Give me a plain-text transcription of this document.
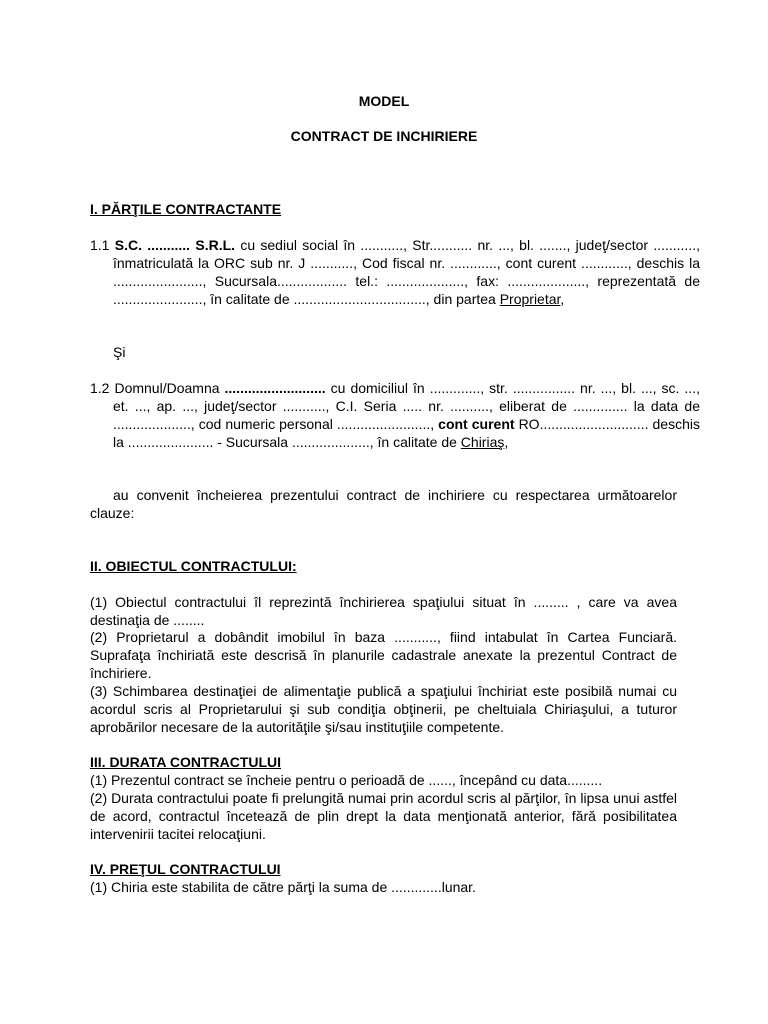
MODEL
CONTRACT DE INCHIRIERE
I. PĂRŢILE CONTRACTANTE
1.1 S.C. ........... S.R.L. cu sediul social în ..........., Str........... nr. ..., bl. ......., judeţ/sector ..........., înmatriculată la ORC sub nr. J ..........., Cod fiscal nr. ............, cont curent ............, deschis la ......................., Sucursala.................. tel.: ...................., fax: ...................., reprezentată de ......................., în calitate de .................................., din partea Proprietar,
Şi
1.2 Domnul/Doamna .......................... cu domiciliul în ............., str. ................ nr. ..., bl. ..., sc. ..., et. ..., ap. ..., judeţ/sector ..........., C.I. Seria ..... nr. .........., eliberat de .............. la data de ...................., cod numeric personal ........................, cont curent RO............................ deschis la ...................... - Sucursala ...................., în calitate de Chiriaş,
au convenit încheierea prezentului contract de inchiriere cu respectarea următoarelor clauze:
II. OBIECTUL CONTRACTULUI:
(1) Obiectul contractului îl reprezintă închirierea spaţiului situat în ......... , care va avea destinaţia de ........
(2) Proprietarul a dobândit imobilul în baza ..........., fiind intabulat în Cartea Funciară. Suprafaţa închiriată este descrisă în planurile cadastrale anexate la prezentul Contract de închiriere.
(3) Schimbarea destinaţiei de alimentaţie publică a spaţiului închiriat este posibilă numai cu acordul scris al Proprietarului şi sub condiţia obţinerii, pe cheltuiala Chiriaşului, a tuturor aprobărilor necesare de la autorităţile şi/sau instituţiile competente.
III. DURATA CONTRACTULUI
(1) Prezentul contract se încheie pentru o perioadă de ......, începând cu data.........
(2) Durata contractului poate fi prelungită numai prin acordul scris al părţilor, în lipsa unui astfel de acord, contractul încetează de plin drept la data menţionată anterior, fără posibilitatea intervenirii tacitei relocaţiuni.
IV. PREŢUL CONTRACTULUI
(1) Chiria este stabilita de către părţi la suma de .............lunar.
